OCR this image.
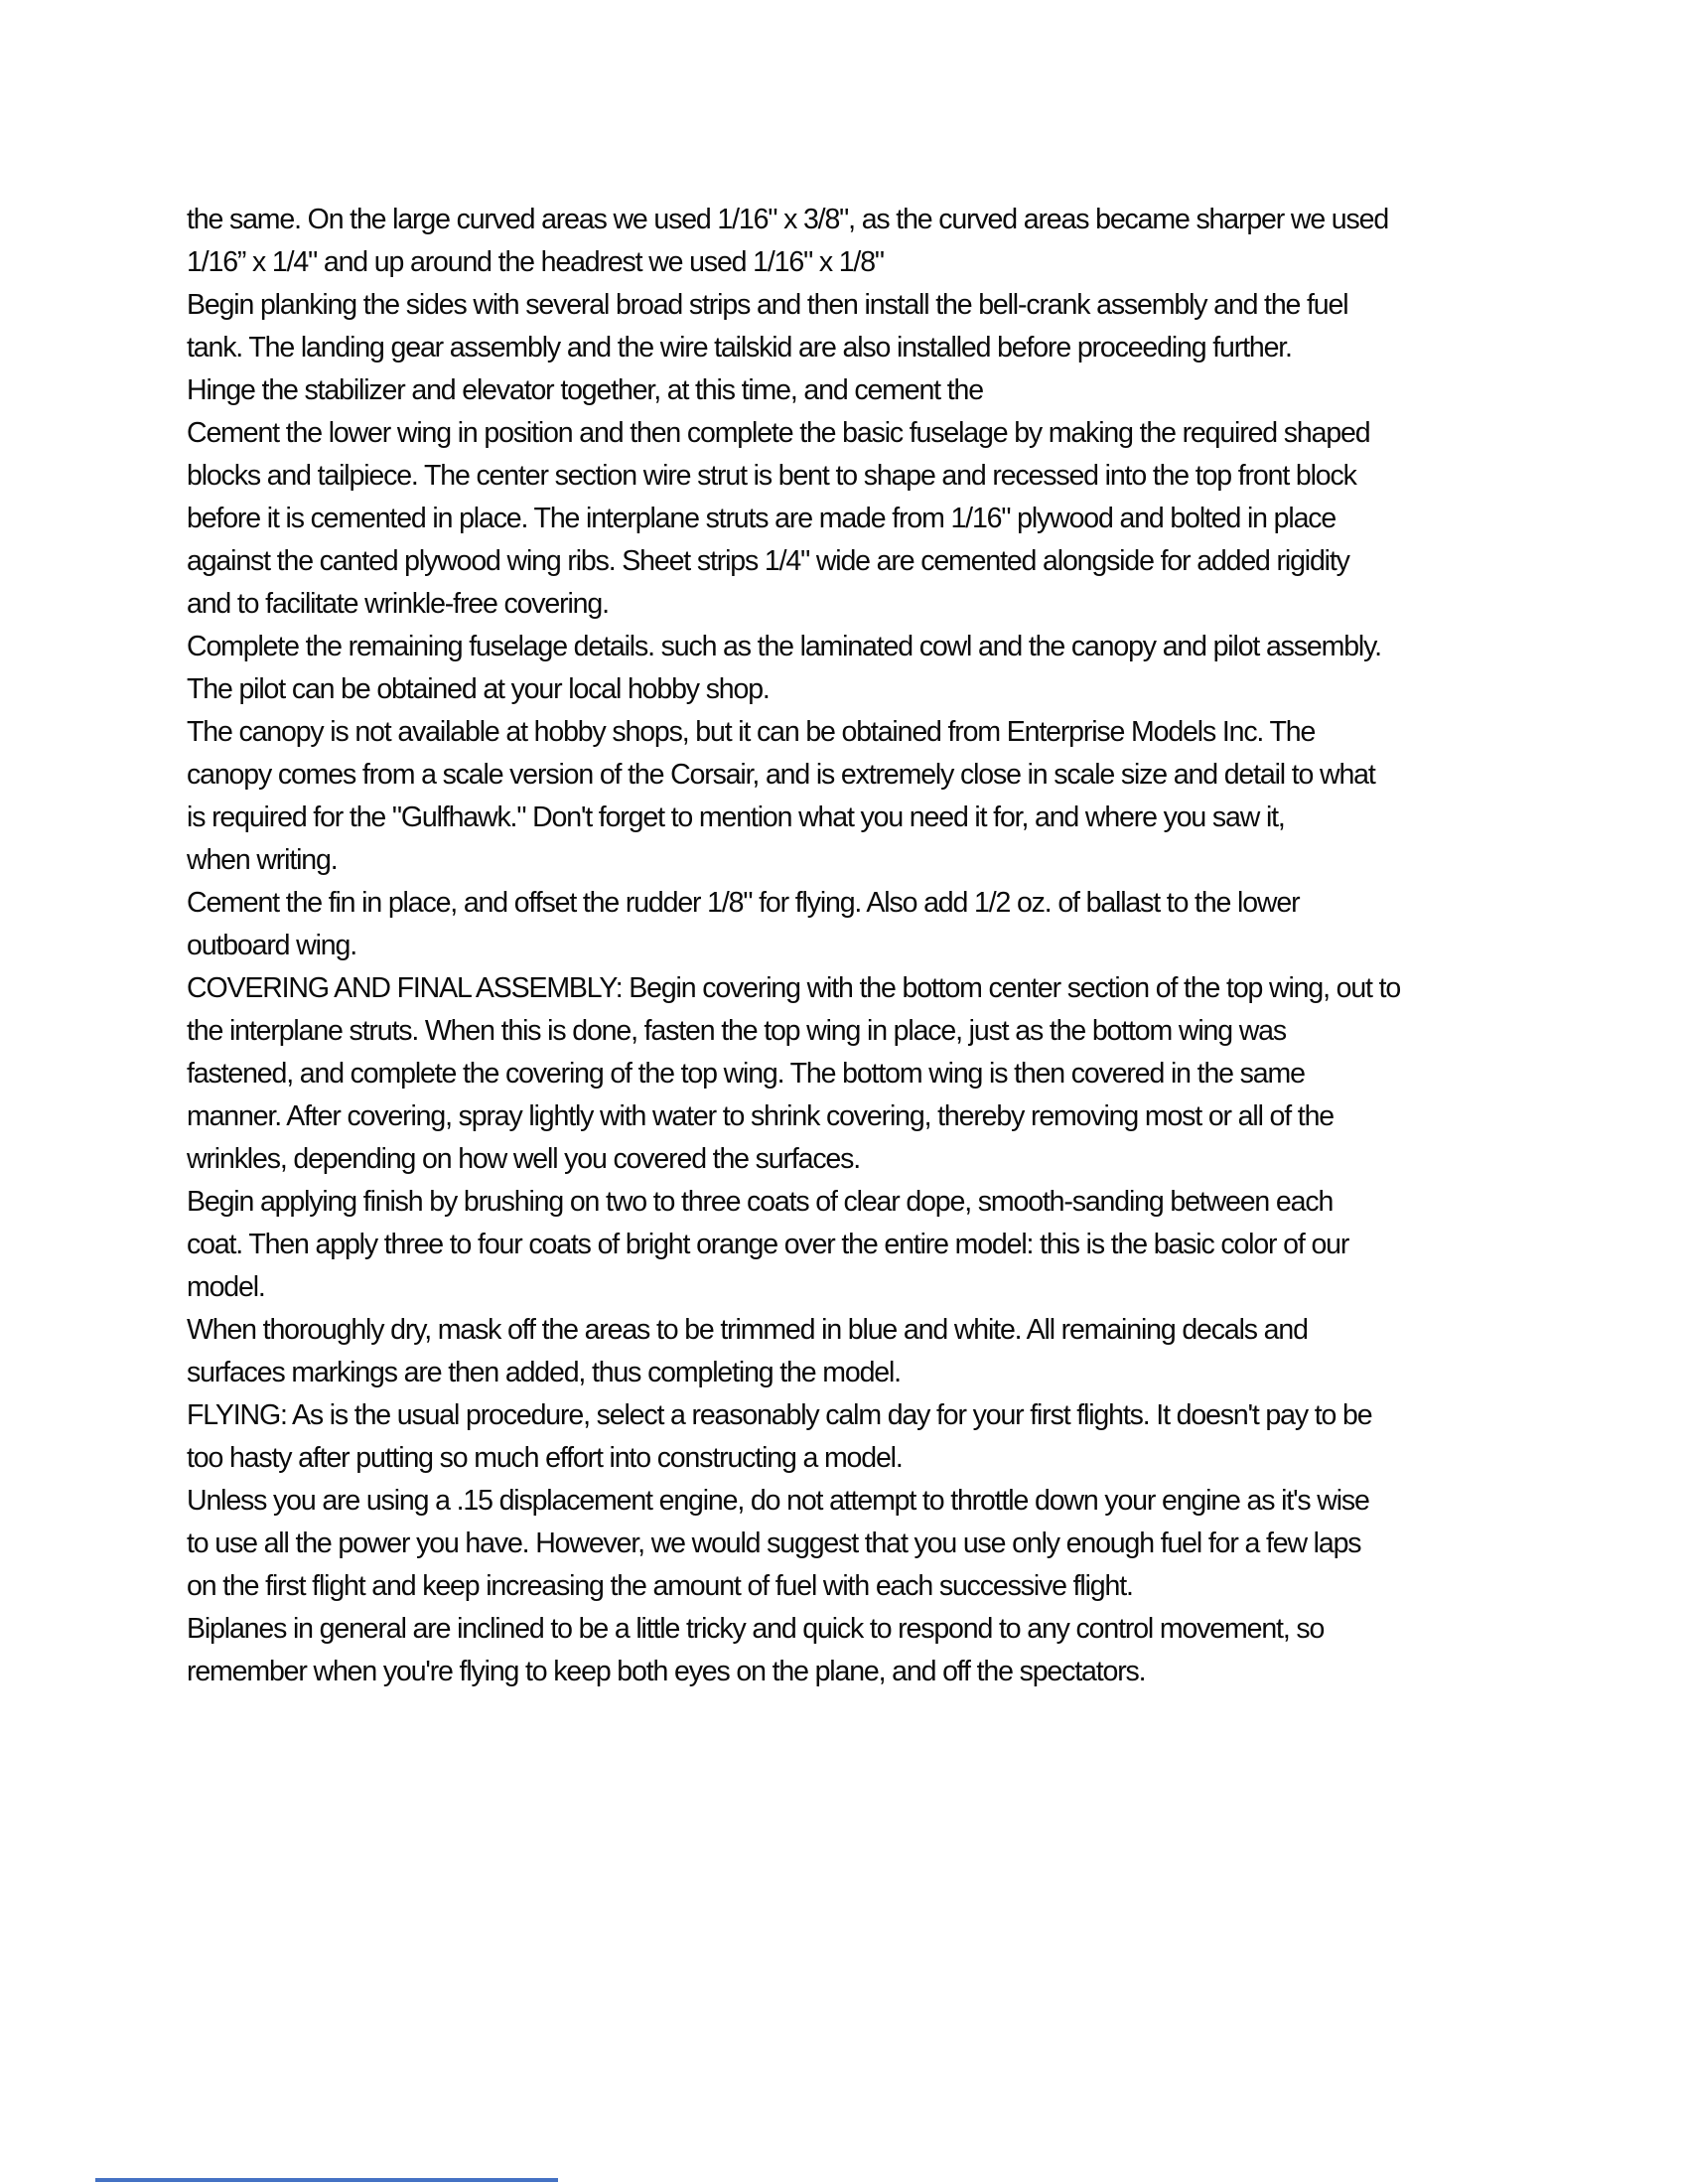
the same. On the large curved areas we used 1/16" x 3/8", as the curved areas became sharper we used
1/16” x 1/4" and up around the headrest we used 1/16" x 1/8"
Begin planking the sides with several broad strips and then install the bell-crank assembly and the fuel
tank. The landing gear assembly and the wire tailskid are also installed before proceeding further.
Hinge the stabilizer and elevator together, at this time, and cement the
Cement the lower wing in position and then complete the basic fuselage by making the required shaped
blocks and tailpiece. The center section wire strut is bent to shape and recessed into the top front block
before it is cemented in place. The interplane struts are made from 1/16" plywood and bolted in place
against the canted plywood wing ribs. Sheet strips 1/4" wide are cemented alongside for added rigidity
and to facilitate wrinkle-free covering.
Complete the remaining fuselage details. such as the laminated cowl and the canopy and pilot assembly.
The pilot can be obtained at your local hobby shop.
The canopy is not available at hobby shops, but it can be obtained from Enterprise Models Inc. The
canopy comes from a scale version of the Corsair, and is extremely close in scale size and detail to what
is required for the "Gulfhawk." Don't forget to mention what you need it for, and where you saw it,
when writing.
Cement the fin in place, and offset the rudder 1/8" for flying. Also add 1/2 oz. of ballast to the lower
outboard wing.
COVERING AND FINAL ASSEMBLY: Begin covering with the bottom center section of the top wing, out to
the interplane struts. When this is done, fasten the top wing in place, just as the bottom wing was
fastened, and complete the covering of the top wing. The bottom wing is then covered in the same
manner. After covering, spray lightly with water to shrink covering, thereby removing most or all of the
wrinkles, depending on how well you covered the surfaces.
Begin applying finish by brushing on two to three coats of clear dope, smooth-sanding between each
coat. Then apply three to four coats of bright orange over the entire model: this is the basic color of our
model.
When thoroughly dry, mask off the areas to be trimmed in blue and white. All remaining decals and
surfaces markings are then added, thus completing the model.
FLYING: As is the usual procedure, select a reasonably calm day for your first flights. It doesn't pay to be
too hasty after putting so much effort into constructing a model.
Unless you are using a .15 displacement engine, do not attempt to throttle down your engine as it's wise
to use all the power you have. However, we would suggest that you use only enough fuel for a few laps
on the first flight and keep increasing the amount of fuel with each successive flight.
Biplanes in general are inclined to be a little tricky and quick to respond to any control movement, so
remember when you're flying to keep both eyes on the plane, and off the spectators.
